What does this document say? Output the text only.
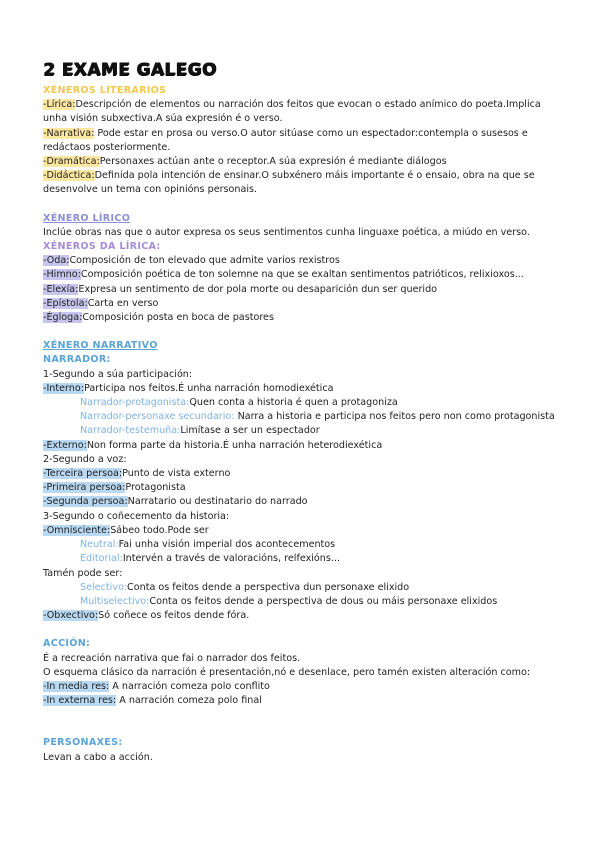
2 EXAME GALEGO

XÉNEROS LITERARIOS

-Lírica:Descripción de elementos ou narración dos feitos que evocan o estado anímico do poeta.Implica unha visión subxectiva.A súa expresión é o verso.

-Narrativa: Pode estar en prosa ou verso.O autor sitúase como un espectador:contempla o susesos e redáctaos posteriormente.

-Dramática:Personaxes actúan ante o receptor.A súa expresión é mediante diálogos

-Didáctica:Definida pola intención de ensinar.O subxénero máis importante é o ensaio, obra na que se desenvolve un tema con opinións personais.

XÉNERO LÍRICO

Inclúe obras nas que o autor expresa os seus sentimentos cunha linguaxe poética, a miúdo en verso.

XÉNEROS DA LÍRICA:

-Oda:Composición de ton elevado que admite varios rexistros

-Himno:Composición poética de ton solemne na que se exaltan sentimentos patrióticos, relixioxos...

-Elexía:Expresa un sentimento de dor pola morte ou desaparición dun ser querido

-Epístola:Carta en verso

-Égloga:Composición posta en boca de pastores

XÉNERO NARRATIVO

NARRADOR:

1-Segundo a súa participación:

-Interno:Participa nos feitos.É unha narración homodiexética

Narrador-protagonista:Quen conta a historia é quen a protagoniza

Narrador-personaxe secundario: Narra a historia e participa nos feitos pero non como protagonista

Narrador-testemuña:Limítase a ser un espectador

-Externo:Non forma parte da historia.É unha narración heterodiexética

2-Segundo a voz:

-Terceira persoa:Punto de vista externo

-Primeira persoa:Protagonista

-Segunda persoa:Narratario ou destinatario do narrado

3-Segundo o coñecemento da historia:

-Omnisciente:Sábeo todo.Pode ser

Neutral:Fai unha visión imperial dos acontecementos

Editorial:Intervén a través de valoracións, relfexións...

Tamén pode ser:

Selectivo:Conta os feitos dende a perspectiva dun personaxe elixido

Multiselectivo:Conta os feitos dende a perspectiva de dous ou máis personaxe elixidos

-Obxectivo:Só coñece os feitos dende fóra.

ACCIÓN:

É a recreación narrativa que fai o narrador dos feitos.

O esquema clásico da narración é presentación,nó e desenlace, pero tamén existen alteración como:

-In media res: A narración comeza polo conflito

-In externa res: A narración comeza polo final

PERSONAXES:

Levan a cabo a acción.
